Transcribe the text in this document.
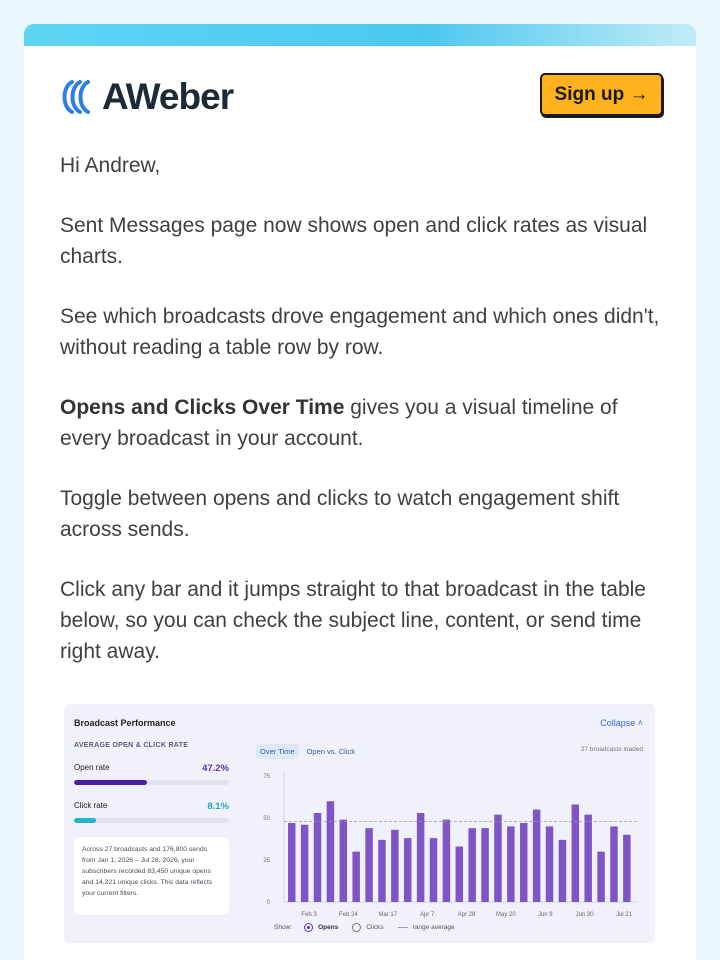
AWeber	Sign up →

Hi Andrew,

Sent Messages page now shows open and click rates as visual charts.

See which broadcasts drove engagement and which ones didn't, without reading a table row by row.

Opens and Clicks Over Time gives you a visual timeline of every broadcast in your account.

Toggle between opens and clicks to watch engagement shift across sends.

Click any bar and it jumps straight to that broadcast in the table below, so you can check the subject line, content, or send time right away.

Broadcast Performance	Collapse ˄
AVERAGE OPEN & CLICK RATE
Open rate	47.2%
Click rate	8.1%
Across 27 broadcasts and 176,800 sends from Jan 1, 2026 – Jul 28, 2026, your subscribers recorded 83,450 unique opens and 14,321 unique clicks. This data reflects your current filters.
Over Time	Open vs. Click	27 broadcasts loaded
0
25
50
75
Feb 3	Feb 24	Mar 17	Apr 7	Apr 28	May 20	Jun 9	Jun 30	Jul 21
Show:	Opens	Clicks	range average
